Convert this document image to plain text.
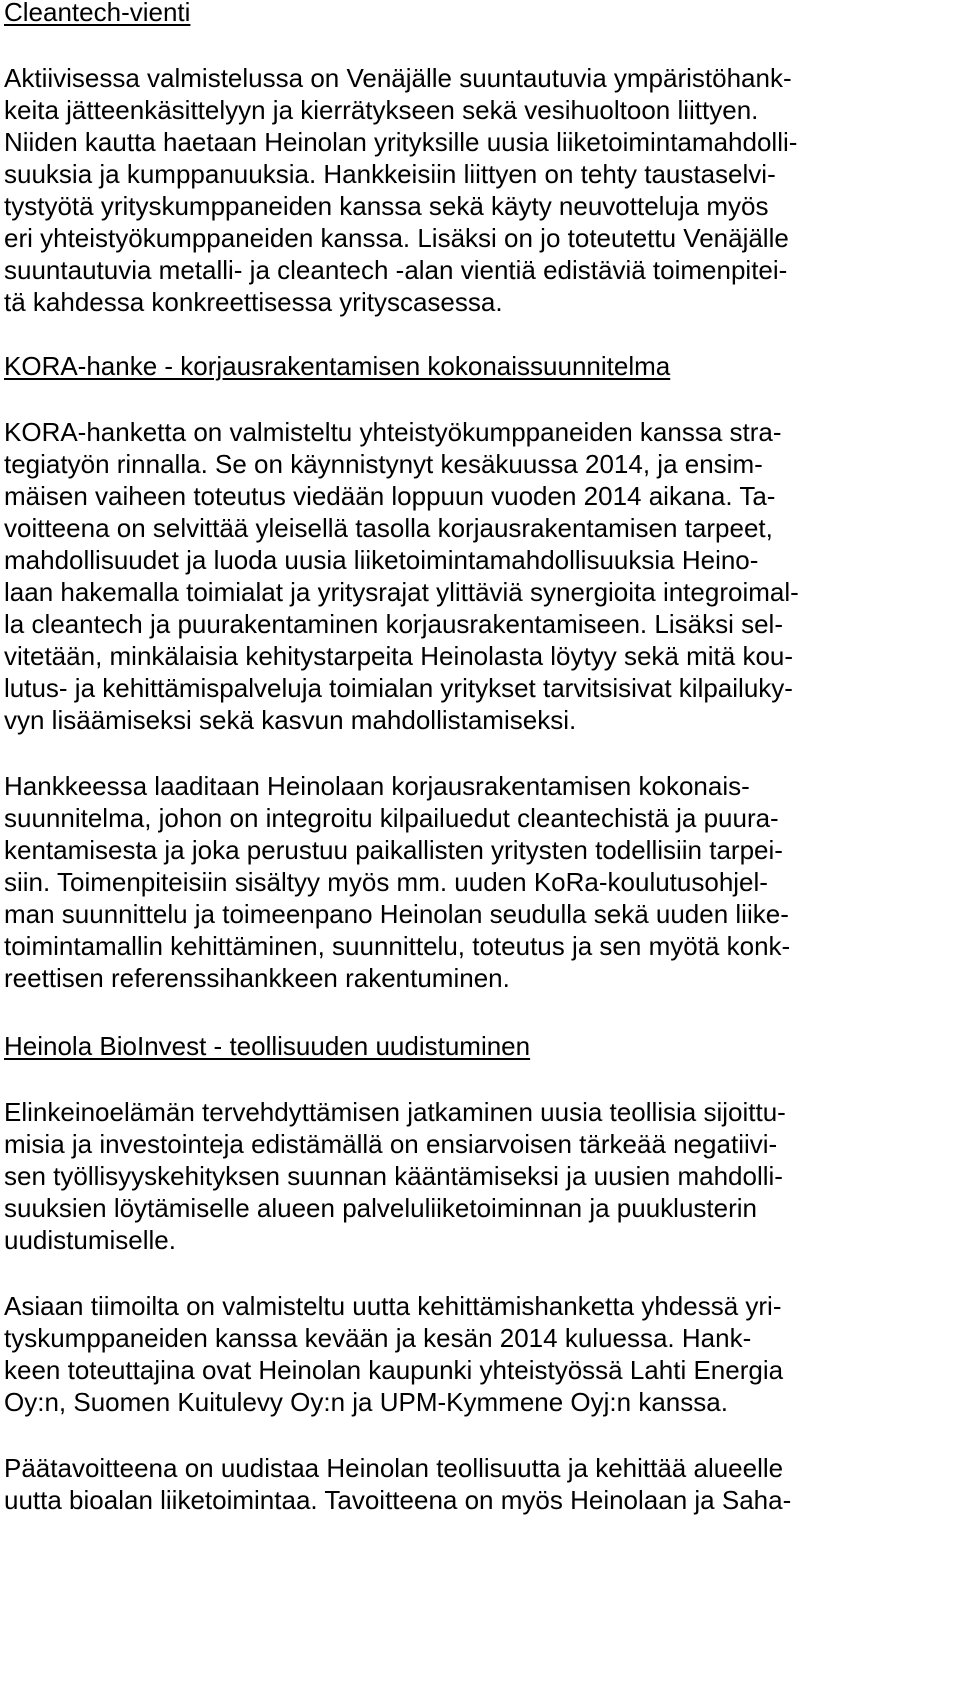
Cleantech-vienti

Aktiivisessa valmistelussa on Venäjälle suuntautuvia ympäristöhank-

keita jätteenkäsittelyyn ja kierrätykseen sekä vesihuoltoon liittyen.

Niiden kautta haetaan Heinolan yrityksille uusia liiketoimintamahdolli-

suuksia ja kumppanuuksia. Hankkeisiin liittyen on tehty taustaselvi-

tystyötä yrityskumppaneiden kanssa sekä käyty neuvotteluja myös

eri yhteistyökumppaneiden kanssa. Lisäksi on jo toteutettu Venäjälle

suuntautuvia metalli- ja cleantech -alan vientiä edistäviä toimenpitei-

tä kahdessa konkreettisessa yrityscasessa.

KORA-hanke - korjausrakentamisen kokonaissuunnitelma

KORA-hanketta on valmisteltu yhteistyökumppaneiden kanssa stra-

tegiatyön rinnalla. Se on käynnistynyt kesäkuussa 2014, ja ensim-

mäisen vaiheen toteutus viedään loppuun vuoden 2014 aikana. Ta-

voitteena on selvittää yleisellä tasolla korjausrakentamisen tarpeet,

mahdollisuudet ja luoda uusia liiketoimintamahdollisuuksia Heino-

laan hakemalla toimialat ja yritysrajat ylittäviä synergioita integroimal-

la cleantech ja puurakentaminen korjausrakentamiseen. Lisäksi sel-

vitetään, minkälaisia kehitystarpeita Heinolasta löytyy sekä mitä kou-

lutus- ja kehittämispalveluja toimialan yritykset tarvitsisivat kilpailuky-

vyn lisäämiseksi sekä kasvun mahdollistamiseksi.

Hankkeessa laaditaan Heinolaan korjausrakentamisen kokonais-

suunnitelma, johon on integroitu kilpailuedut cleantechistä ja puura-

kentamisesta ja joka perustuu paikallisten yritysten todellisiin tarpei-

siin. Toimenpiteisiin sisältyy myös mm. uuden KoRa-koulutusohjel-

man suunnittelu ja toimeenpano Heinolan seudulla sekä uuden liike-

toimintamallin kehittäminen, suunnittelu, toteutus ja sen myötä konk-

reettisen referenssihankkeen rakentuminen.

Heinola BioInvest - teollisuuden uudistuminen

Elinkeinoelämän tervehdyttämisen jatkaminen uusia teollisia sijoittu-

misia ja investointeja edistämällä on ensiarvoisen tärkeää negatiivi-

sen työllisyyskehityksen suunnan kääntämiseksi ja uusien mahdolli-

suuksien löytämiselle alueen palveluliiketoiminnan ja puuklusterin

uudistumiselle.

Asiaan tiimoilta on valmisteltu uutta kehittämishanketta yhdessä yri-

tyskumppaneiden kanssa kevään ja kesän 2014 kuluessa. Hank-

keen toteuttajina ovat Heinolan kaupunki yhteistyössä Lahti Energia

Oy:n, Suomen Kuitulevy Oy:n ja UPM-Kymmene Oyj:n kanssa.

Päätavoitteena on uudistaa Heinolan teollisuutta ja kehittää alueelle

uutta bioalan liiketoimintaa. Tavoitteena on myös Heinolaan ja Saha-
